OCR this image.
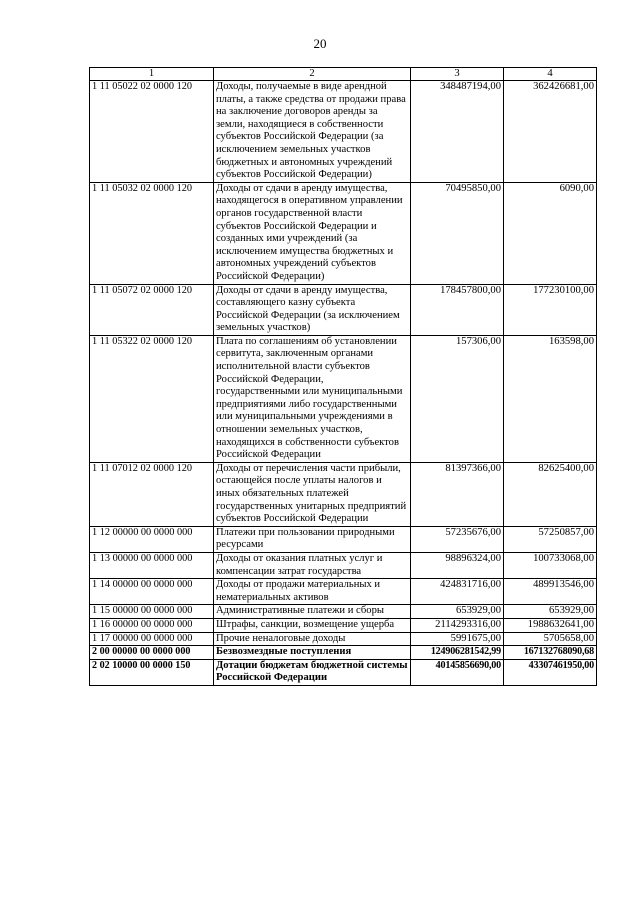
20
1	2	3	4
1 11 05022 02 0000 120	Доходы, получаемые в виде арендной платы, а также средства от продажи права на заключение договоров аренды за земли, находящиеся в собственности субъектов Российской Федерации (за исключением земельных участков бюджетных и автономных учреждений субъектов Российской Федерации)	348487194,00	362426681,00
1 11 05032 02 0000 120	Доходы от сдачи в аренду имущества, находящегося в оперативном управлении органов государственной власти субъектов Российской Федерации и созданных ими учреждений (за исключением имущества бюджетных и автономных учреждений субъектов Российской Федерации)	70495850,00	6090,00
1 11 05072 02 0000 120	Доходы от сдачи в аренду имущества, составляющего казну субъекта Российской Федерации (за исключением земельных участков)	178457800,00	177230100,00
1 11 05322 02 0000 120	Плата по соглашениям об установлении сервитута, заключенным органами исполнительной власти субъектов Российской Федерации, государственными или муниципальными предприятиями либо государственными или муниципальными учреждениями в отношении земельных участков, находящихся в собственности субъектов Российской Федерации	157306,00	163598,00
1 11 07012 02 0000 120	Доходы от перечисления части прибыли, остающейся после уплаты налогов и иных обязательных платежей государственных унитарных предприятий субъектов Российской Федерации	81397366,00	82625400,00
1 12 00000 00 0000 000	Платежи при пользовании природными ресурсами	57235676,00	57250857,00
1 13 00000 00 0000 000	Доходы от оказания платных услуг и компенсации затрат государства	98896324,00	100733068,00
1 14 00000 00 0000 000	Доходы от продажи материальных и нематериальных активов	424831716,00	489913546,00
1 15 00000 00 0000 000	Административные платежи и сборы	653929,00	653929,00
1 16 00000 00 0000 000	Штрафы, санкции, возмещение ущерба	2114293316,00	1988632641,00
1 17 00000 00 0000 000	Прочие неналоговые доходы	5991675,00	5705658,00
2 00 00000 00 0000 000	Безвозмездные поступления	124906281542,99	167132768090,68
2 02 10000 00 0000 150	Дотации бюджетам бюджетной системы Российской Федерации	40145856690,00	43307461950,00
